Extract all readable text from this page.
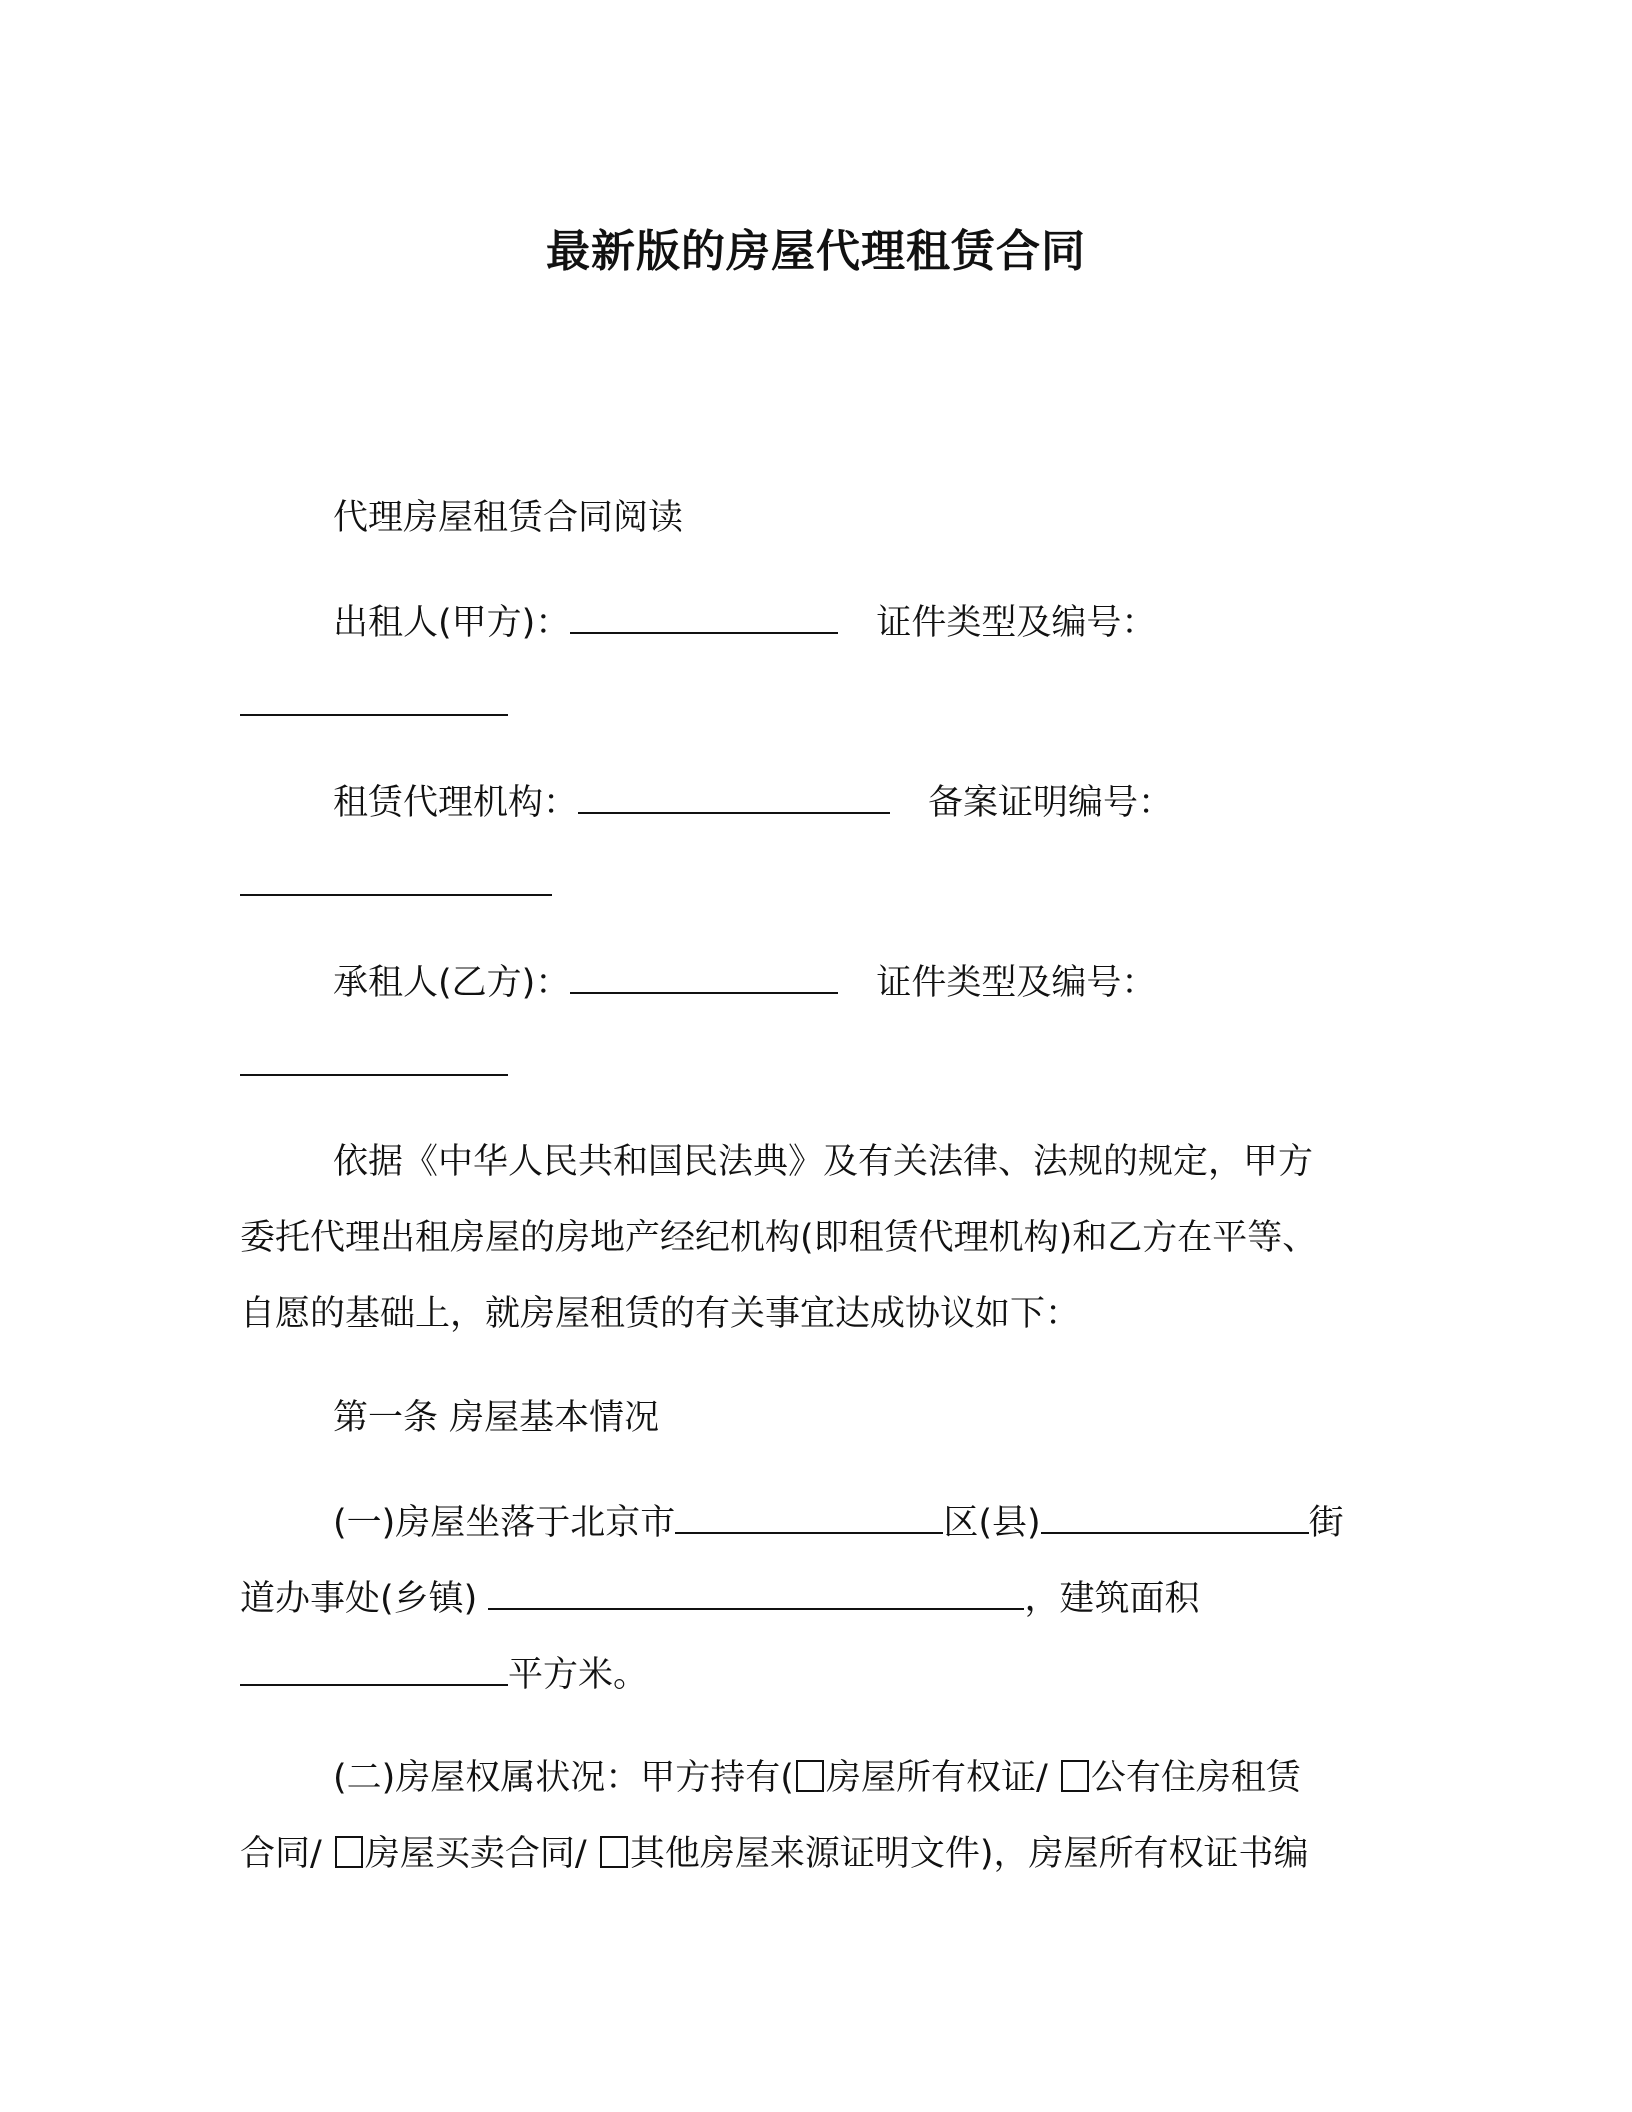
最新版的房屋代理租赁合同
代理房屋租赁合同阅读
出租人(甲方)：	证件类型及编号：
租赁代理机构：	备案证明编号：
承租人(乙方)：	证件类型及编号：
依据《中华人民共和国民法典》及有关法律、法规的规定，甲方
委托代理出租房屋的房地产经纪机构(即租赁代理机构)和乙方在平等、
自愿的基础上，就房屋租赁的有关事宜达成协议如下：
第一条 房屋基本情况
(一)房屋坐落于北京市	区(县)	街
道办事处(乡镇)	，建筑面积
平方米。
(二)房屋权属状况：甲方持有( 房屋所有权证/ 公有住房租赁
合同/ 房屋买卖合同/ 其他房屋来源证明文件)，房屋所有权证书编
